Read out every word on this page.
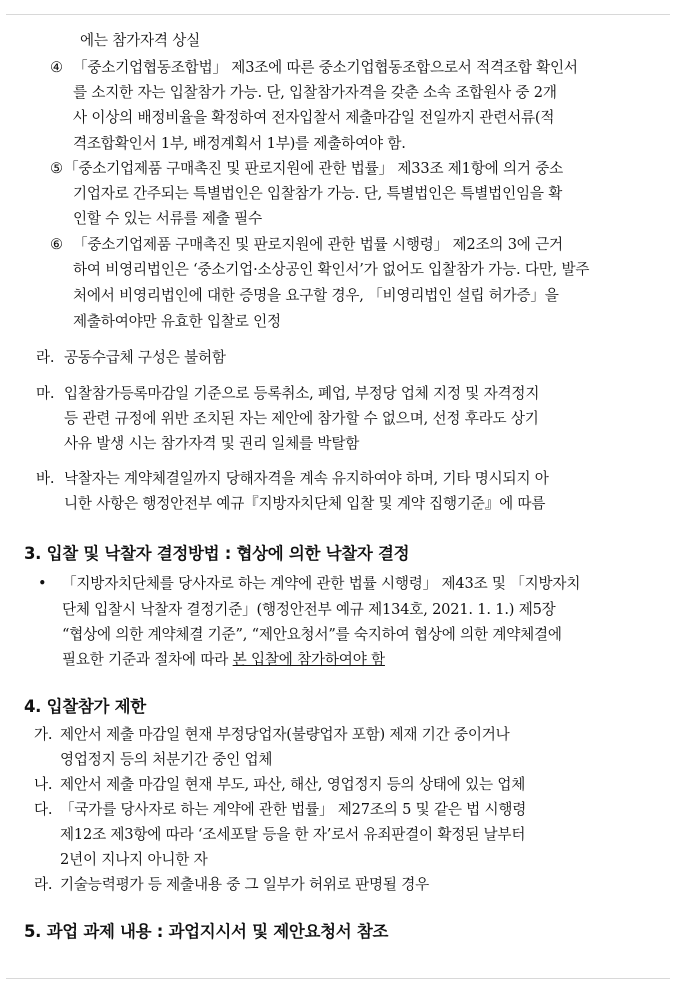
에는 참가자격 상실
④ 「중소기업협동조합법」 제3조에 따른 중소기업협동조합으로서 적격조합 확인서
를 소지한 자는 입찰참가 가능. 단, 입찰참가자격을 갖춘 소속 조합원사 중 2개
사 이상의 배정비율을 확정하여 전자입찰서 제출마감일 전일까지 관련서류(적
격조합확인서 1부, 배정계획서 1부)를 제출하여야 함.
⑤ 「중소기업제품 구매촉진 및 판로지원에 관한 법률」 제33조 제1항에 의거 중소
기업자로 간주되는 특별법인은 입찰참가 가능. 단, 특별법인은 특별법인임을 확
인할 수 있는 서류를 제출 필수
⑥ 「중소기업제품 구매촉진 및 판로지원에 관한 법률 시행령」 제2조의 3에 근거
하여 비영리법인은 ‘중소기업·소상공인 확인서’가 없어도 입찰참가 가능. 다만, 발주
처에서 비영리법인에 대한 증명을 요구할 경우, 「비영리법인 설립 허가증」을
제출하여야만 유효한 입찰로 인정
라. 공동수급체 구성은 불허함
마. 입찰참가등록마감일 기준으로 등록취소, 폐업, 부정당 업체 지정 및 자격정지
등 관련 규정에 위반 조치된 자는 제안에 참가할 수 없으며, 선정 후라도 상기
사유 발생 시는 참가자격 및 권리 일체를 박탈함
바. 낙찰자는 계약체결일까지 당해자격을 계속 유지하여야 하며, 기타 명시되지 아
니한 사항은 행정안전부 예규『지방자치단체 입찰 및 계약 집행기준』에 따름
3. 입찰 및 낙찰자 결정방법 : 협상에 의한 낙찰자 결정
• 「지방자치단체를 당사자로 하는 계약에 관한 법률 시행령」 제43조 및 「지방자치
단체 입찰시 낙찰자 결정기준」(행정안전부 예규 제134호, 2021. 1. 1.) 제5장
“협상에 의한 계약체결 기준”, “제안요청서”를 숙지하여 협상에 의한 계약체결에
필요한 기준과 절차에 따라 본 입찰에 참가하여야 함
4. 입찰참가 제한
가. 제안서 제출 마감일 현재 부정당업자(불량업자 포함) 제재 기간 중이거나
영업정지 등의 처분기간 중인 업체
나. 제안서 제출 마감일 현재 부도, 파산, 해산, 영업정지 등의 상태에 있는 업체
다. 「국가를 당사자로 하는 계약에 관한 법률」 제27조의 5 및 같은 법 시행령
제12조 제3항에 따라 ‘조세포탈 등을 한 자’로서 유죄판결이 확정된 날부터
2년이 지나지 아니한 자
라. 기술능력평가 등 제출내용 중 그 일부가 허위로 판명될 경우
5. 과업 과제 내용 : 과업지시서 및 제안요청서 참조
